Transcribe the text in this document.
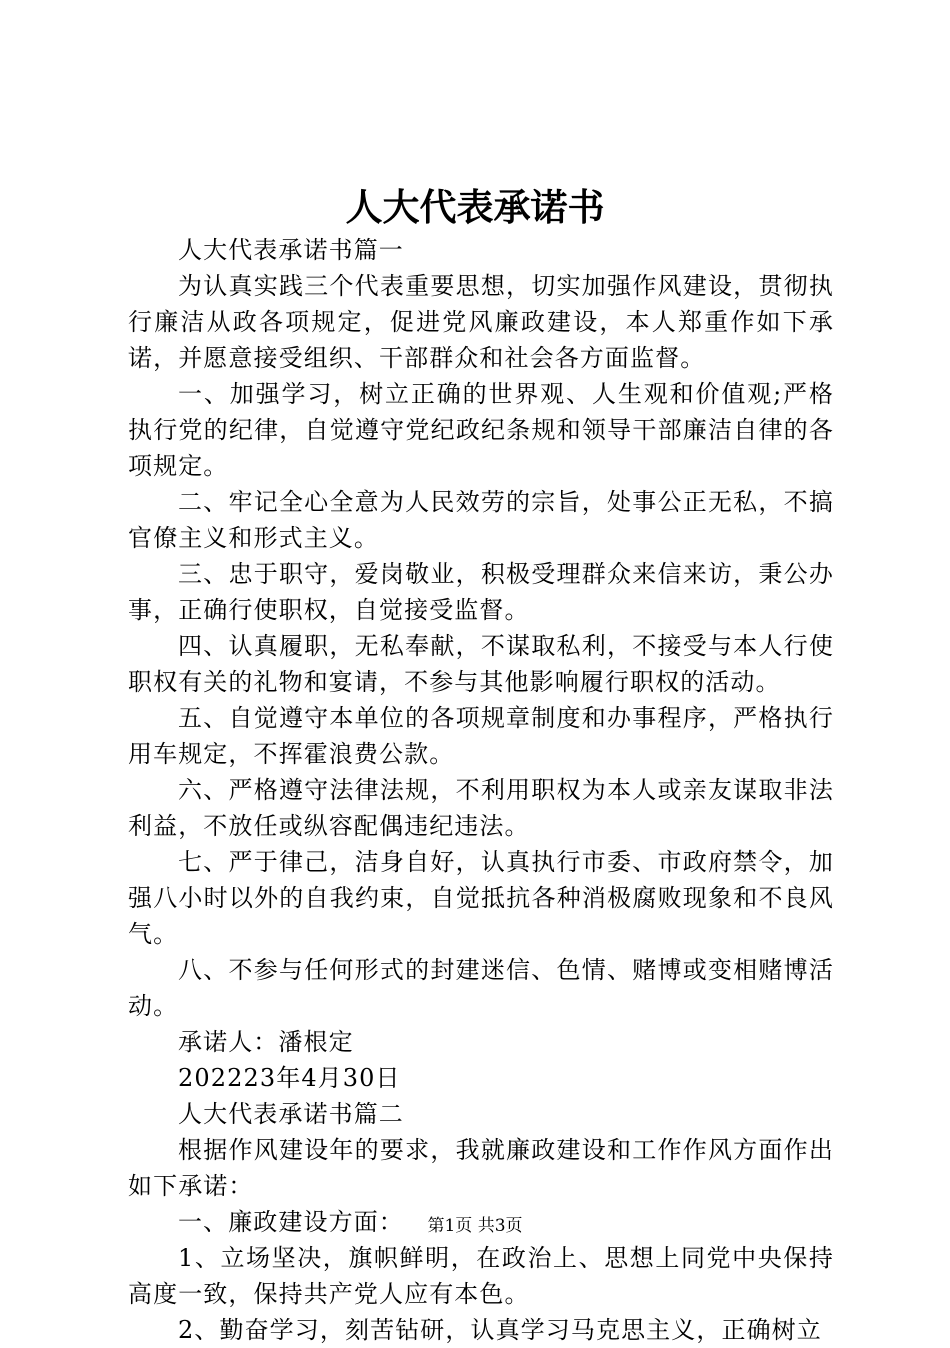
人大代表承诺书

人大代表承诺书篇一

为认真实践三个代表重要思想，切实加强作风建设，贯彻执行廉洁从政各项规定，促进党风廉政建设，本人郑重作如下承诺，并愿意接受组织、干部群众和社会各方面监督。

一、加强学习，树立正确的世界观、人生观和价值观;严格执行党的纪律，自觉遵守党纪政纪条规和领导干部廉洁自律的各项规定。

二、牢记全心全意为人民效劳的宗旨，处事公正无私，不搞官僚主义和形式主义。

三、忠于职守，爱岗敬业，积极受理群众来信来访，秉公办事，正确行使职权，自觉接受监督。

四、认真履职，无私奉献，不谋取私利，不接受与本人行使职权有关的礼物和宴请，不参与其他影响履行职权的活动。

五、自觉遵守本单位的各项规章制度和办事程序，严格执行用车规定，不挥霍浪费公款。

六、严格遵守法律法规，不利用职权为本人或亲友谋取非法利益，不放任或纵容配偶违纪违法。

七、严于律己，洁身自好，认真执行市委、市政府禁令，加强八小时以外的自我约束，自觉抵抗各种消极腐败现象和不良风气。

八、不参与任何形式的封建迷信、色情、赌博或变相赌博活动。

承诺人：潘根定

202223年4月30日

人大代表承诺书篇二

根据作风建设年的要求，我就廉政建设和工作作风方面作出如下承诺：

一、廉政建设方面：

1、立场坚决，旗帜鲜明，在政治上、思想上同党中央保持高度一致，保持共产党人应有本色。

2、勤奋学习，刻苦钻研，认真学习马克思主义，正确树立

第1页 共3页
